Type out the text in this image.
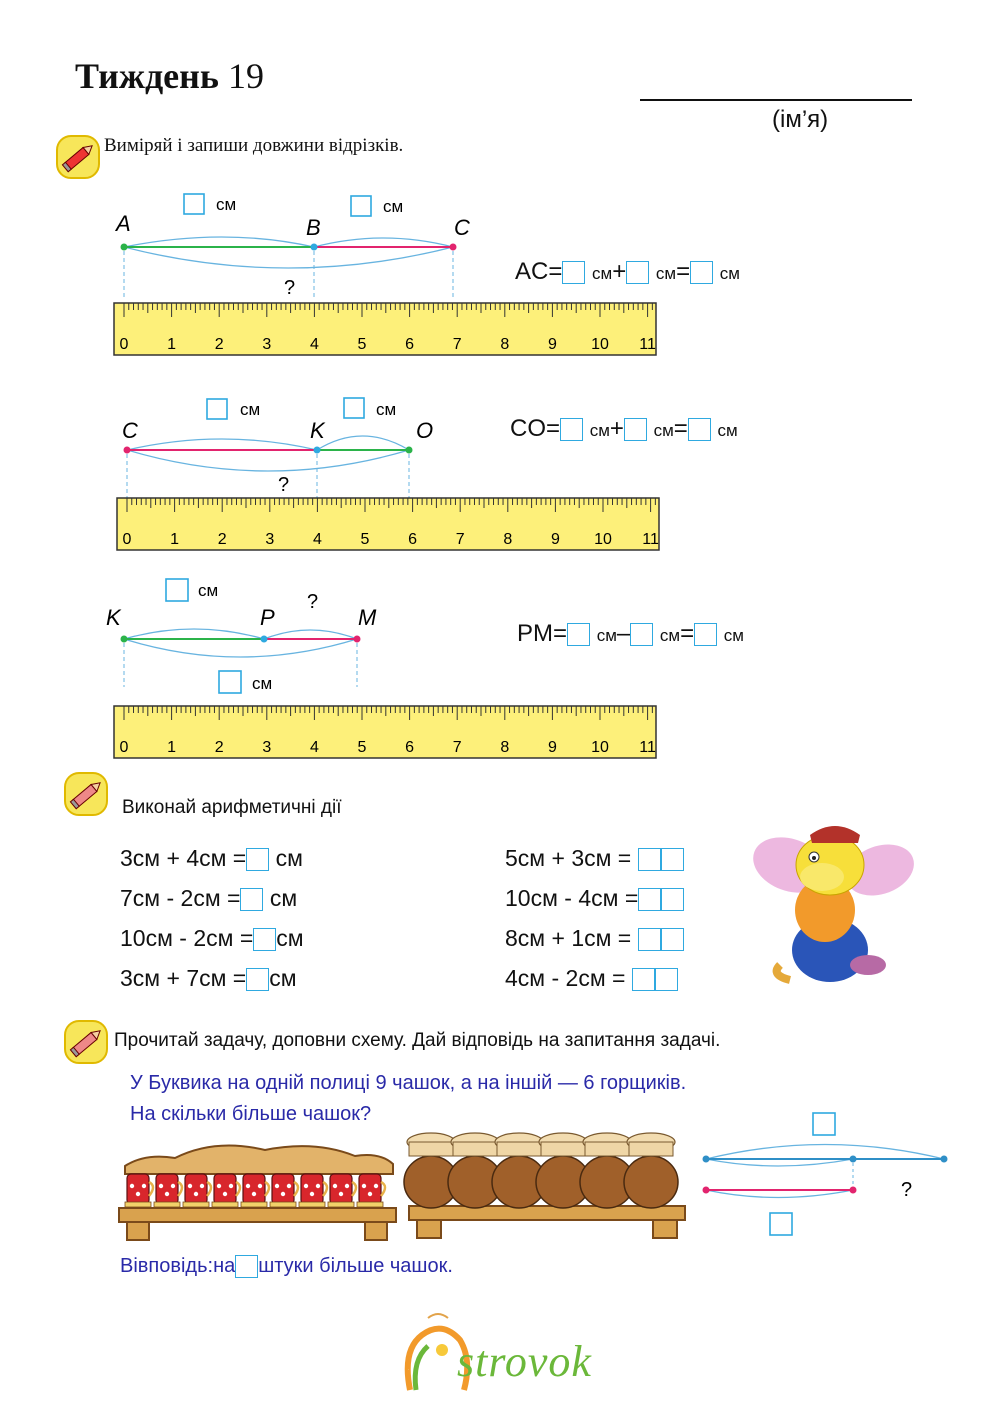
Тиждень 19
(ім’я)
Виміряй і запиши довжини відрізків.
см	см
A	B	C
?
0 1 2 3 4 5 6 7 8 9 10 11
AC= см+ см= см
см	см
C	K	O
?
0 1 2 3 4 5 6 7 8 9 10 11
CO= см+ см= см
см
?
K	P	M
см
0 1 2 3 4 5 6 7 8 9 10 11
PM= см– см= см
Виконай арифметичні дії
3см + 4см = см
7см - 2см = см
10см - 2см = см
3см + 7см = см
5см + 3см =
10см - 4см =
8см + 1см =
4см - 2см =
Прочитай задачу, доповни схему. Дай відповідь на запитання задачі.
У Буквика на одній полиці 9 чашок, а на іншій — 6 горщиків.
На скільки більше чашок?
?
Вівповідь:на штуки більше чашок.
O strovok
